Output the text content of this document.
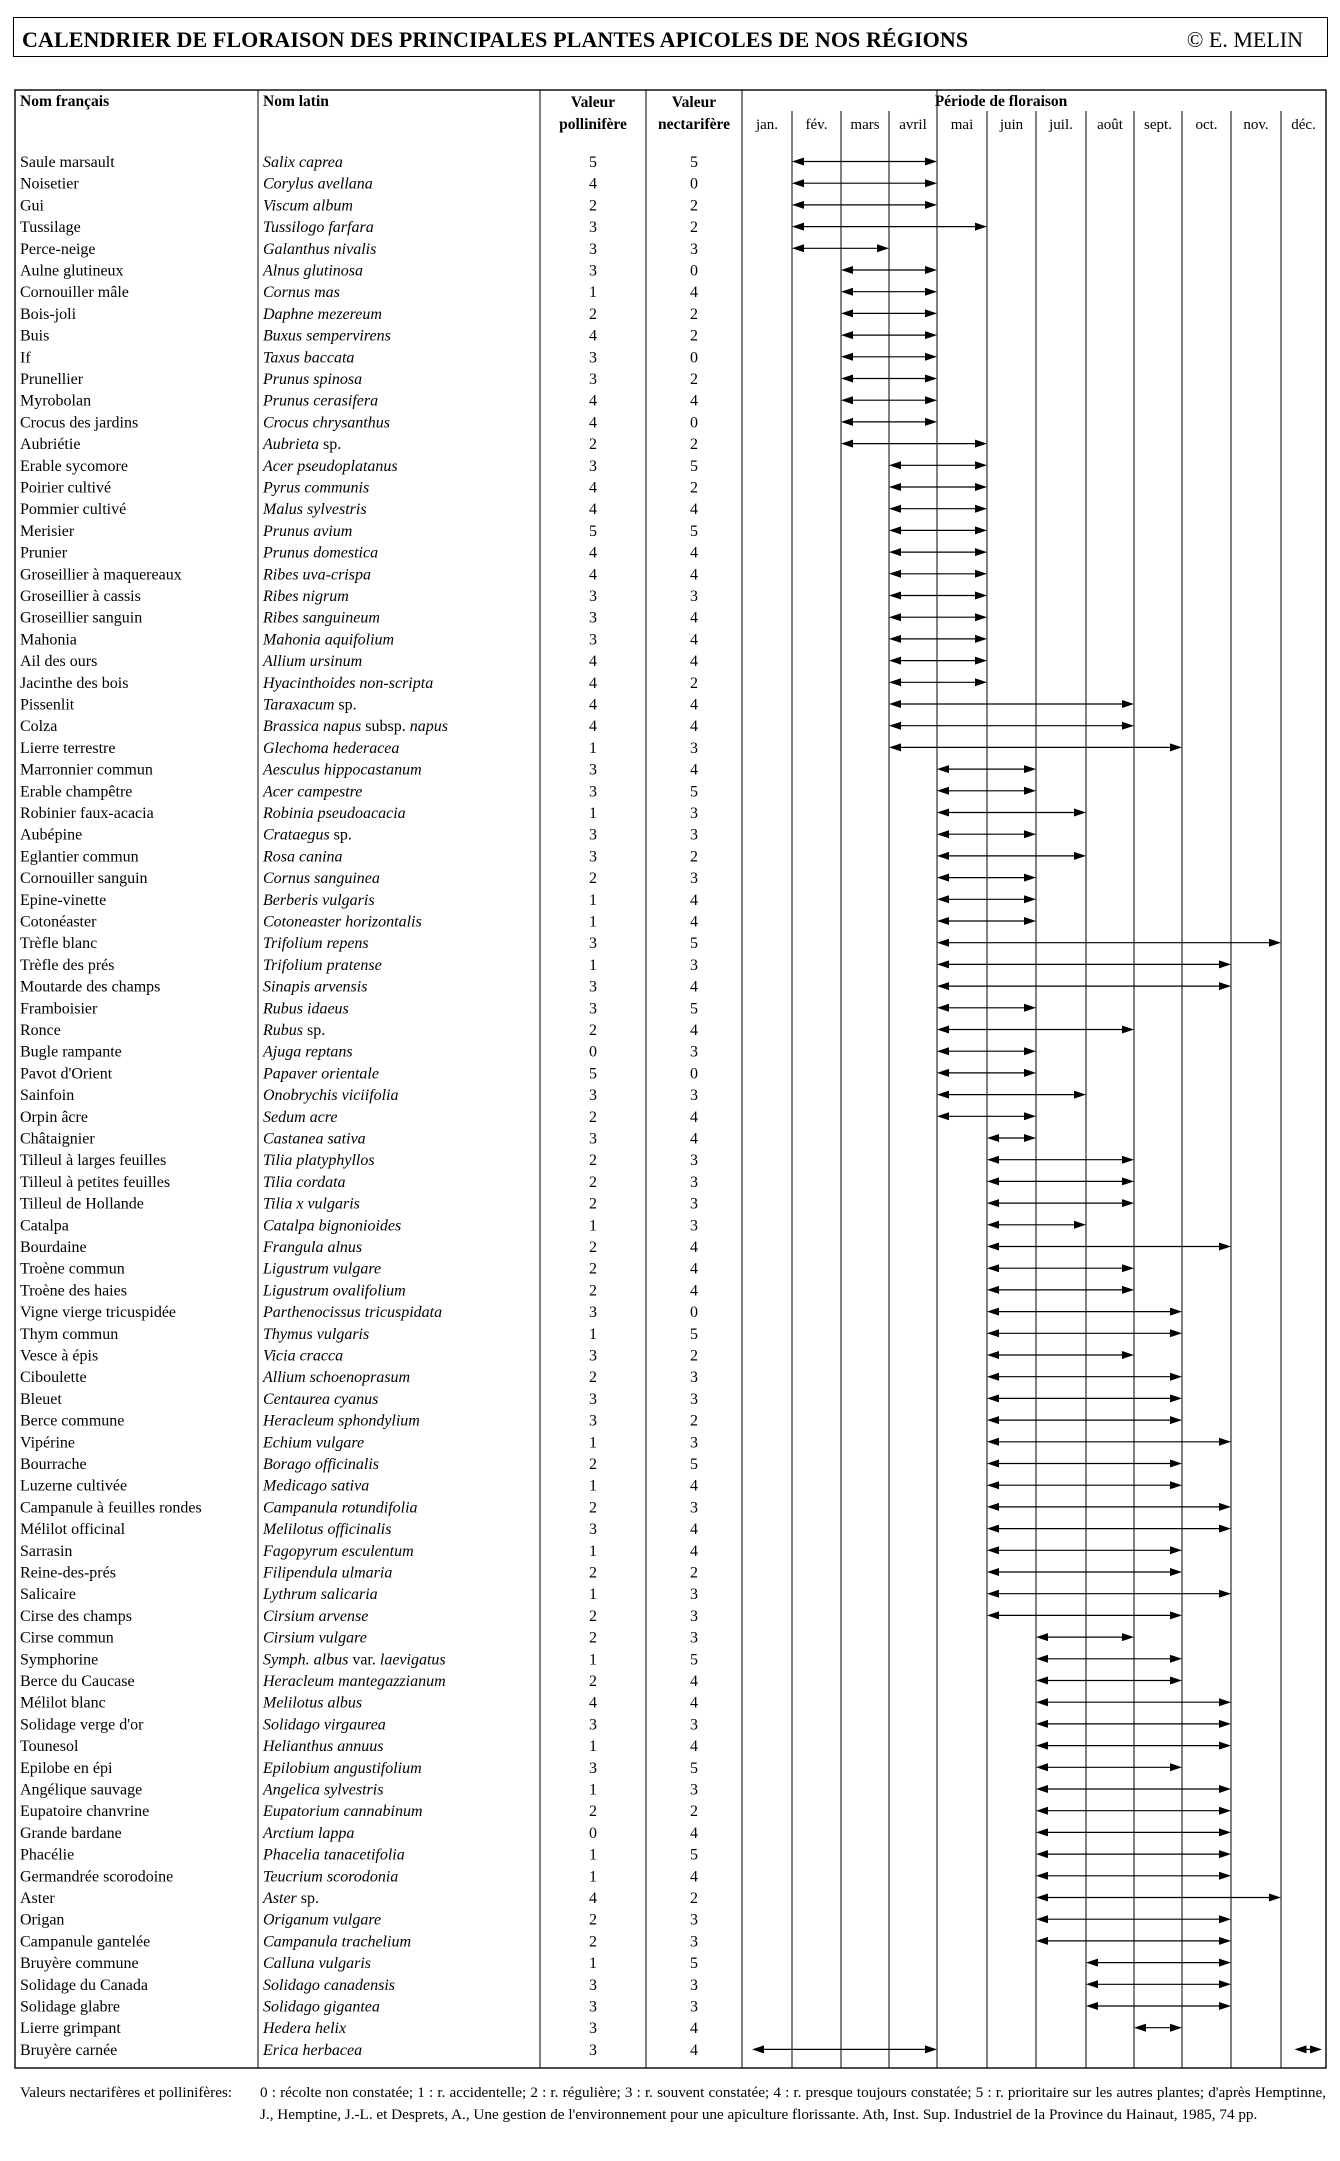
CALENDRIER DE FLORAISON DES PRINCIPALES PLANTES APICOLES DE NOS RÉGIONS	© E. MELIN
Nom français	Nom latin	Valeur
pollinifère
Valeur
nectarifère
Période de floraison
jan. fév. mars avril mai juin juil. août sept. oct. nov. déc.
Saule marsault	Salix caprea	5	5
Noisetier	Corylus avellana	4	0
Gui	Viscum album	2	2
Tussilage	Tussilogo farfara	3	2
Perce-neige	Galanthus nivalis	3	3
Aulne glutineux	Alnus glutinosa	3	0
Cornouiller mâle	Cornus mas	1	4
Bois-joli	Daphne mezereum	2	2
Buis	Buxus sempervirens	4	2
If	Taxus baccata	3	0
Prunellier	Prunus spinosa	3	2
Myrobolan	Prunus cerasifera	4	4
Crocus des jardins	Crocus chrysanthus	4	0
Aubriétie	Aubrieta sp.	2	2
Erable sycomore	Acer pseudoplatanus	3	5
Poirier cultivé	Pyrus communis	4	2
Pommier cultivé	Malus sylvestris	4	4
Merisier	Prunus avium	5	5
Prunier	Prunus domestica	4	4
Groseillier à maquereaux	Ribes uva-crispa	4	4
Groseillier à cassis	Ribes nigrum	3	3
Groseillier sanguin	Ribes sanguineum	3	4
Mahonia	Mahonia aquifolium	3	4
Ail des ours	Allium ursinum	4	4
Jacinthe des bois	Hyacinthoides non-scripta	4	2
Pissenlit	Taraxacum sp.	4	4
Colza	Brassica napus subsp. napus	4	4
Lierre terrestre	Glechoma hederacea	1	3
Marronnier commun	Aesculus hippocastanum	3	4
Erable champêtre	Acer campestre	3	5
Robinier faux-acacia	Robinia pseudoacacia	1	3
Aubépine	Crataegus sp.	3	3
Eglantier commun	Rosa canina	3	2
Cornouiller sanguin	Cornus sanguinea	2	3
Epine-vinette	Berberis vulgaris	1	4
Cotonéaster	Cotoneaster horizontalis	1	4
Trèfle blanc	Trifolium repens	3	5
Trèfle des prés	Trifolium pratense	1	3
Moutarde des champs	Sinapis arvensis	3	4
Framboisier	Rubus idaeus	3	5
Ronce	Rubus sp.	2	4
Bugle rampante	Ajuga reptans	0	3
Pavot d'Orient	Papaver orientale	5	0
Sainfoin	Onobrychis viciifolia	3	3
Orpin âcre	Sedum acre	2	4
Châtaignier	Castanea sativa	3	4
Tilleul à larges feuilles	Tilia platyphyllos	2	3
Tilleul à petites feuilles	Tilia cordata	2	3
Tilleul de Hollande	Tilia x vulgaris	2	3
Catalpa	Catalpa bignonioides	1	3
Bourdaine	Frangula alnus	2	4
Troène commun	Ligustrum vulgare	2	4
Troène des haies	Ligustrum ovalifolium	2	4
Vigne vierge tricuspidée	Parthenocissus tricuspidata	3	0
Thym commun	Thymus vulgaris	1	5
Vesce à épis	Vicia cracca	3	2
Ciboulette	Allium schoenoprasum	2	3
Bleuet	Centaurea cyanus	3	3
Berce commune	Heracleum sphondylium	3	2
Vipérine	Echium vulgare	1	3
Bourrache	Borago officinalis	2	5
Luzerne cultivée	Medicago sativa	1	4
Campanule à feuilles rondes	Campanula rotundifolia	2	3
Mélilot officinal	Melilotus officinalis	3	4
Sarrasin	Fagopyrum esculentum	1	4
Reine-des-prés	Filipendula ulmaria	2	2
Salicaire	Lythrum salicaria	1	3
Cirse des champs	Cirsium arvense	2	3
Cirse commun	Cirsium vulgare	2	3
Symphorine	Symph. albus var. laevigatus	1	5
Berce du Caucase	Heracleum mantegazzianum	2	4
Mélilot blanc	Melilotus albus	4	4
Solidage verge d'or	Solidago virgaurea	3	3
Tounesol	Helianthus annuus	1	4
Epilobe en épi	Epilobium angustifolium	3	5
Angélique sauvage	Angelica sylvestris	1	3
Eupatoire chanvrine	Eupatorium cannabinum	2	2
Grande bardane	Arctium lappa	0	4
Phacélie	Phacelia tanacetifolia	1	5
Germandrée scorodoine	Teucrium scorodonia	1	4
Aster	Aster sp.	4	2
Origan	Origanum vulgare	2	3
Campanule gantelée	Campanula trachelium	2	3
Bruyère commune	Calluna vulgaris	1	5
Solidage du Canada	Solidago canadensis	3	3
Solidage glabre	Solidago gigantea	3	3
Lierre grimpant	Hedera helix	3	4
Bruyère carnée	Erica herbacea	3	4
Valeurs nectarifères et pollinifères: 0 : récolte non constatée; 1 : r. accidentelle; 2 : r. régulière; 3 : r. souvent constatée; 4 : r. presque toujours constatée; 5 : r. prioritaire sur les autres plantes; d'après Hemptinne, J., Hemptine, J.-L. et Desprets, A., Une gestion de l'environnement pour une apiculture florissante. Ath, Inst. Sup. Industriel de la Province du Hainaut, 1985, 74 pp.
